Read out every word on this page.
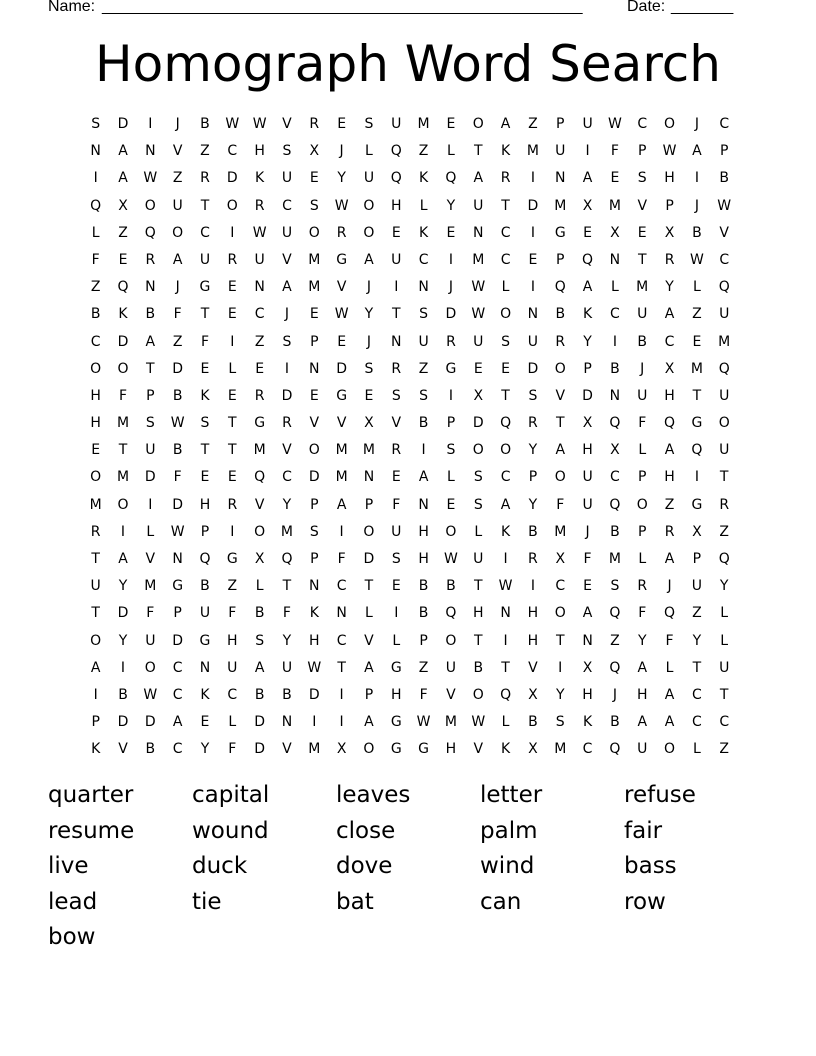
Name: ______________________________________________________	Date: _______
Homograph Word Search
S	D	I	J	B	W W	V	R	E	S	U	M	E	O	A	Z	P	U	W	C	O	J	C
N	A	N	V	Z	C	H	S	X	J	L	Q	Z	L	T	K	M	U	I	F	P	W	A	P
I	A	W	Z	R	D	K	U	E	Y	U	Q	K	Q	A	R	I	N	A	E	S	H	I	B
Q	X	O	U	T	O	R	C	S	W	O	H	L	Y	U	T	D	M	X	M	V	P	J	W
L	Z	Q	O	C	I	W	U	O	R	O	E	K	E	N	C	I	G	E	X	E	X	B	V
F	E	R	A	U	R	U	V	M	G	A	U	C	I	M	C	E	P	Q	N	T	R	W	C
Z	Q	N	J	G	E	N	A	M	V	J	I	N	J	W	L	I	Q	A	L	M	Y	L	Q
B	K	B	F	T	E	C	J	E	W	Y	T	S	D	W	O	N	B	K	C	U	A	Z	U
C	D	A	Z	F	I	Z	S	P	E	J	N	U	R	U	S	U	R	Y	I	B	C	E	M
O	O	T	D	E	L	E	I	N	D	S	R	Z	G	E	E	D	O	P	B	J	X	M	Q
H	F	P	B	K	E	R	D	E	G	E	S	S	I	X	T	S	V	D	N	U	H	T	U
H	M	S	W	S	T	G	R	V	V	X	V	B	P	D	Q	R	T	X	Q	F	Q	G	O
E	T	U	B	T	T	M	V	O	M	M	R	I	S	O	O	Y	A	H	X	L	A	Q	U
O	M	D	F	E	E	Q	C	D	M	N	E	A	L	S	C	P	O	U	C	P	H	I	T
M	O	I	D	H	R	V	Y	P	A	P	F	N	E	S	A	Y	F	U	Q	O	Z	G	R
R	I	L	W	P	I	O	M	S	I	O	U	H	O	L	K	B	M	J	B	P	R	X	Z
T	A	V	N	Q	G	X	Q	P	F	D	S	H	W	U	I	R	X	F	M	L	A	P	Q
U	Y	M	G	B	Z	L	T	N	C	T	E	B	B	T	W	I	C	E	S	R	J	U	Y
T	D	F	P	U	F	B	F	K	N	L	I	B	Q	H	N	H	O	A	Q	F	Q	Z	L
O	Y	U	D	G	H	S	Y	H	C	V	L	P	O	T	I	H	T	N	Z	Y	F	Y	L
A	I	O	C	N	U	A	U	W	T	A	G	Z	U	B	T	V	I	X	Q	A	L	T	U
I	B	W	C	K	C	B	B	D	I	P	H	F	V	O	Q	X	Y	H	J	H	A	C	T
P	D	D	A	E	L	D	N	I	I	A	G	W	M	W	L	B	S	K	B	A	A	C	C
K	V	B	C	Y	F	D	V	M	X	O	G	G	H	V	K	X	M	C	Q	U	O	L	Z
quarter	capital	leaves	letter	refuse
resume	wound	close	palm	fair
live	duck	dove	wind	bass
lead	tie	bat	can	row
bow
